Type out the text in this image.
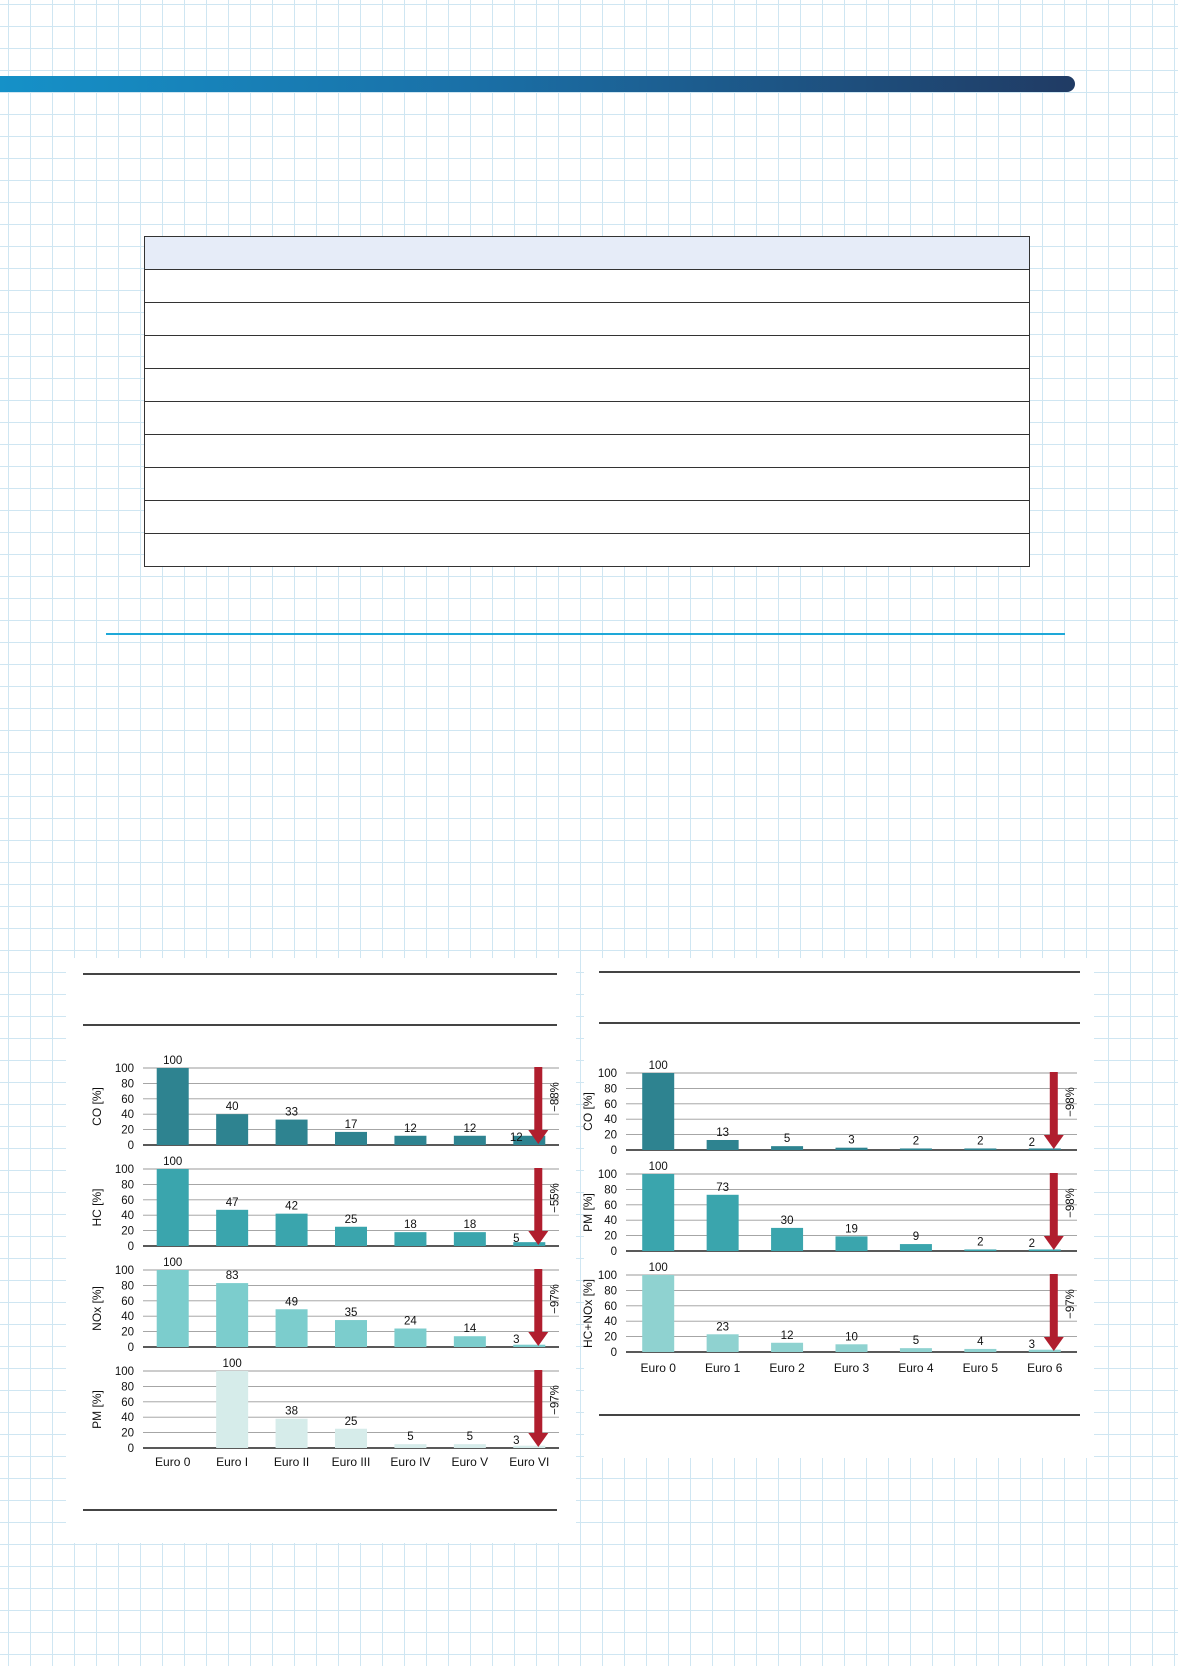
0
20
40
60
80
100
CO [%]
100
40	33
17	12	12
12
−88%
0
20
40
60
80
100
HC [%]
100
47	42
25	18	18
5
−55%
0
20
40
60
80
100
NOx [%]
100
83
49
35
24
14
3
−97%
0
20
40
60
80
100
PM [%]
100
38
25
5	5	3
−97%
Euro 0 Euro I Euro II Euro III Euro IV Euro V Euro VI
0
20
40
60
80
100
CO [%]
100
13
5	3	2	2	2
−98%
0
20
40
60
80
100
PM [%]
100
73
30
19
9	2	2
−98%
0
20
40
60
80
100
HC+NOx [%]
100
23
12	10	5	4	3
−97%
Euro 0 Euro 1 Euro 2 Euro 3 Euro 4 Euro 5 Euro 6
